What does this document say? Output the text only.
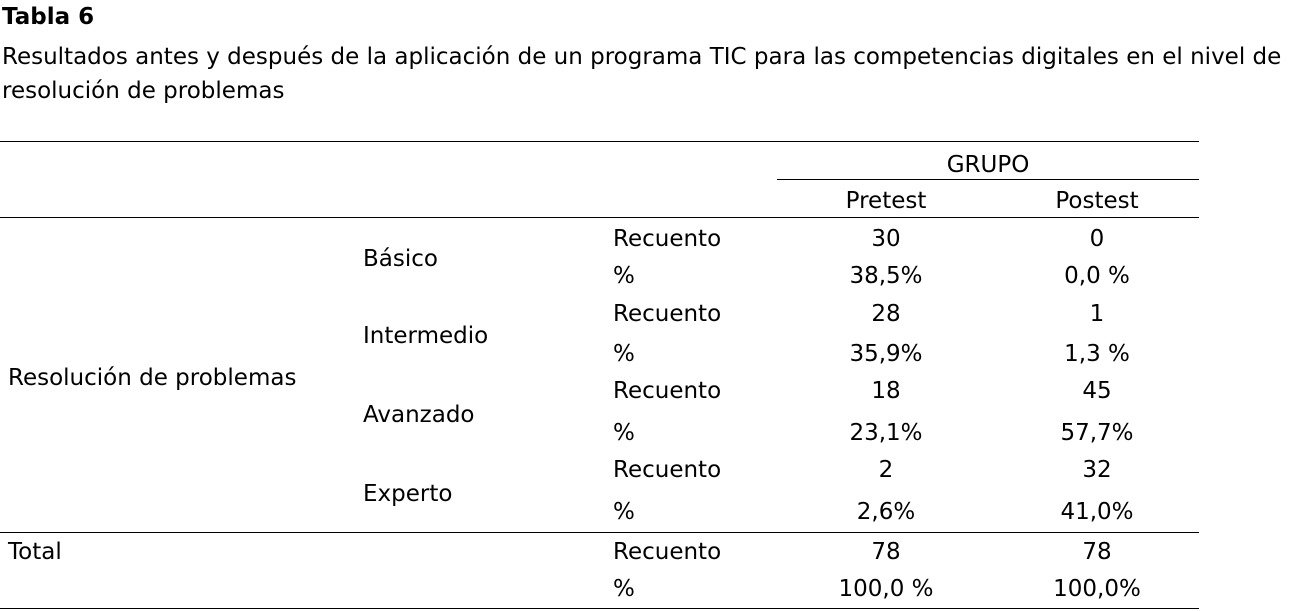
Tabla 6
Resultados antes y después de la aplicación de un programa TIC para las competencias digitales en el nivel de resolución de problemas
GRUPO
Pretest	Postest
Resolución de problemas
Básico
Recuento
%
30
38,5%
0
0,0 %
Intermedio
Recuento
%
28
35,9%
1
1,3 %
Avanzado
Recuento
%
18
23,1%
45
57,7%
Experto
Recuento
%
2
2,6%
32
41,0%
Total	Recuento
%
78
100,0 %
78
100,0%
